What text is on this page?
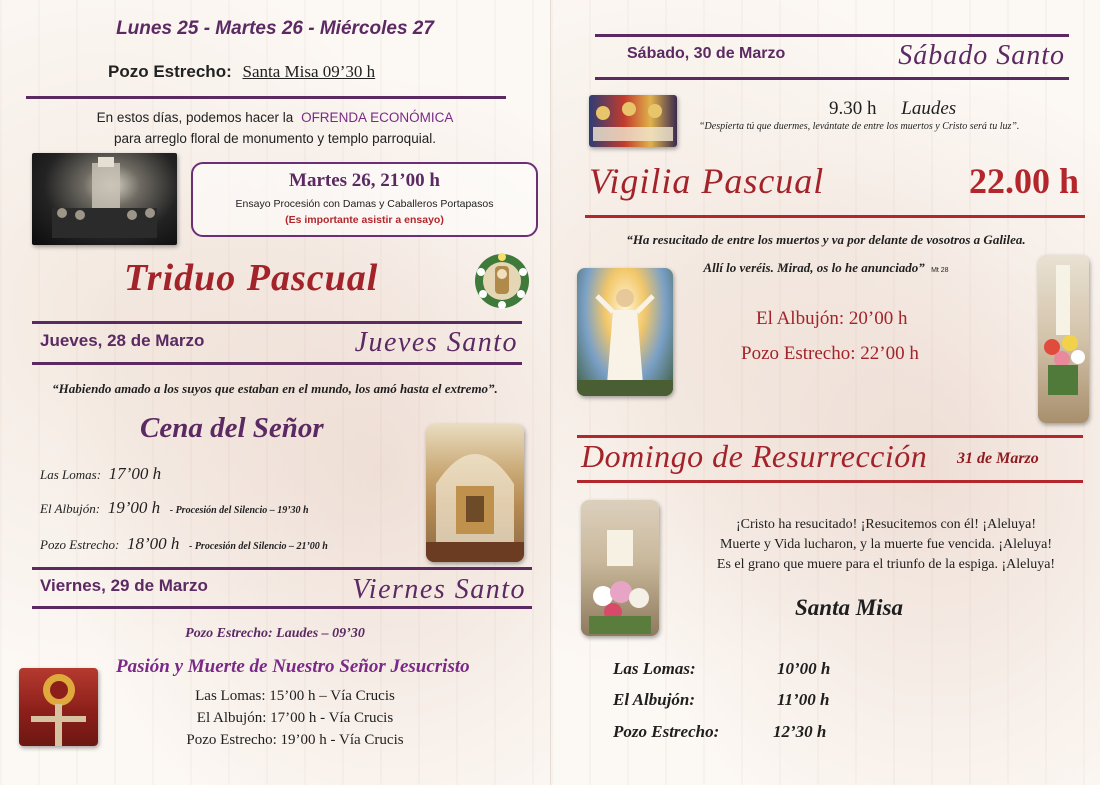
Lunes 25 - Martes 26 - Miércoles 27
Pozo Estrecho: Santa Misa 09’30 h
En estos días, podemos hacer la OFRENDA ECONÓMICA
para arreglo floral de monumento y templo parroquial.
Martes 26, 21’00 h
Ensayo Procesión con Damas y Caballeros Portapasos
(Es importante asistir a ensayo)
Triduo Pascual
Jueves, 28 de Marzo	Jueves Santo
“Habiendo amado a los suyos que estaban en el mundo, los amó hasta el extremo”.
Cena del Señor
Las Lomas: 17’00 h
El Albujón: 19’00 h - Procesión del Silencio – 19’30 h
Pozo Estrecho: 18’00 h - Procesión del Silencio – 21’00 h
Viernes, 29 de Marzo	Viernes Santo
Pozo Estrecho: Laudes – 09’30
Pasión y Muerte de Nuestro Señor Jesucristo
Las Lomas: 15’00 h – Vía Crucis
El Albujón: 17’00 h - Vía Crucis
Pozo Estrecho: 19’00 h - Vía Crucis
Sábado, 30 de Marzo	Sábado Santo
9.30 h Laudes
“Despierta tú que duermes, levántate de entre los muertos y Cristo será tu luz”.
Vigilia Pascual	22.00 h
“Ha resucitado de entre los muertos y va por delante de vosotros a Galilea.
Allí lo veréis. Mirad, os lo he anunciado” Mt 28
El Albujón: 20’00 h
Pozo Estrecho: 22’00 h
Domingo de Resurrección 31 de Marzo
¡Cristo ha resucitado! ¡Resucitemos con él! ¡Aleluya!
Muerte y Vida lucharon, y la muerte fue vencida. ¡Aleluya!
Es el grano que muere para el triunfo de la espiga. ¡Aleluya!
Santa Misa
Las Lomas:	10’00 h
El Albujón:	11’00 h
Pozo Estrecho:	12’30 h
